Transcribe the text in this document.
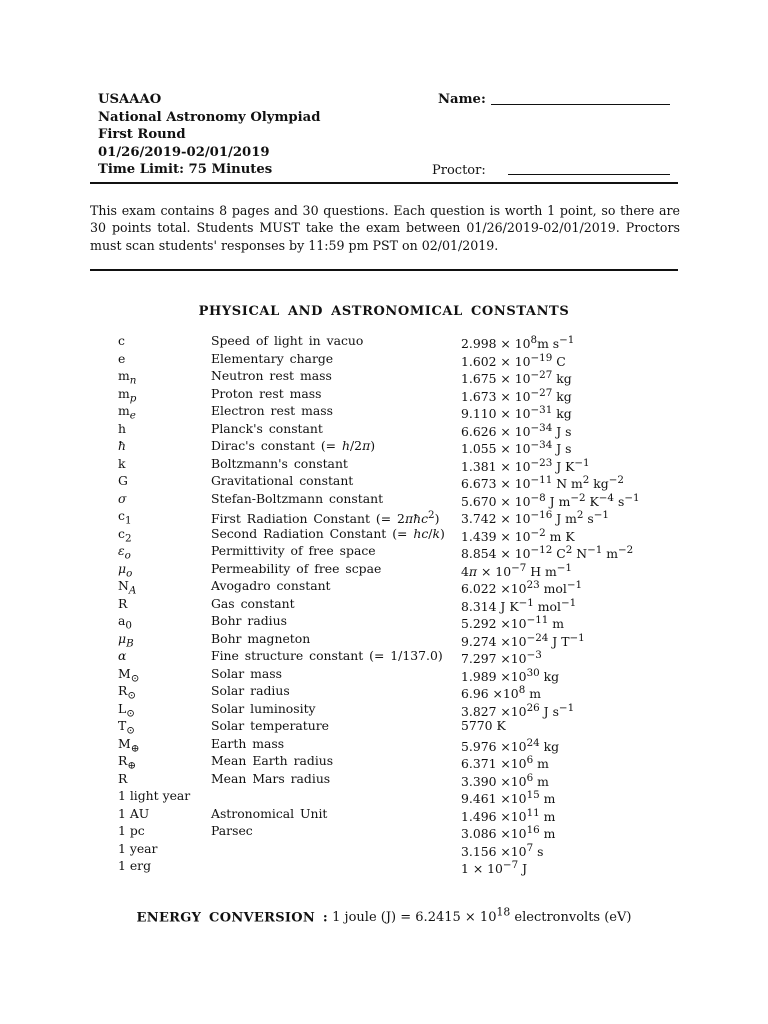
USAAAO
National Astronomy Olympiad
First Round
01/26/2019-02/01/2019
Time Limit: 75 Minutes
Name:
Proctor:
This exam contains 8 pages and 30 questions. Each question is worth 1 point, so there are 30 points total. Students MUST take the exam between 01/26/2019-02/01/2019. Proctors must scan students' responses by 11:59 pm PST on 02/01/2019.
PHYSICAL AND ASTRONOMICAL CONSTANTS
c	Speed of light in vacuo	$2.998 \times 10^8m$ $s^{-1}$
e	Elementary charge	$1.602 \times 10^{-19}$ C
$m_n$	Neutron rest mass	$1.675 \times 10^{-27}$ kg
$m_p$	Proton rest mass	$1.673 \times 10^{-27}$ kg
$m_e$	Electron rest mass	$9.110 \times 10^{-31}$ kg
h	Planck's constant	$6.626 \times 10^{-34}$ J s
ħ	Dirac's constant (= h/2π)	$1.055 \times 10^{-34}$ J s
k	Boltzmann's constant	$1.381 \times 10^{-23}$ J $K^{-1}$
G	Gravitational constant	$6.673 \times 10^{-11}$ N $m^2$ $kg^{-2}$
σ	Stefan-Boltzmann constant	$5.670 \times 10^{-8}$ J $m^{-2}$ $K^{-4}$ $s^{-1}$
$c_1$	First Radiation Constant (= 2πħc$^2$) $3.742 \times 10^{-16}$ J $m^2$ $s^{-1}$
$c_2$	Second Radiation Constant (= hc/k) $1.439 \times 10^{-2}$ m K
$\varepsilon_o$	Permittivity of free space	$8.854 \times 10^{-12}$ $C^2$ $N^{-1}$ $m^{-2}$
$\mu_o$	Permeability of free scpae	$4\pi \times 10^{-7}$ H $m^{-1}$
$N_A$	Avogadro constant	$6.022 \times 10^{23}$ mol$^{-1}$
R	Gas constant	8.314 J $K^{-1}$ mol$^{-1}$
$a_0$	Bohr radius	$5.292 \times 10^{-11}$ m
$\mu_B$	Bohr magneton	$9.274 \times 10^{-24}$ J $T^{-1}$
α	Fine structure constant (= 1/137.0) $7.297 \times 10^{-3}$
$M_⊙$	Solar mass	$1.989 \times 10^{30}$ kg
$R_⊙$	Solar radius	$6.96 \times 10^8$ m
$L_⊙$	Solar luminosity	$3.827 \times 10^{26}$ J $s^{-1}$
$T_⊙$	Solar temperature	5770 K
$M_\oplus$	Earth mass	$5.976 \times 10^{24}$ kg
$R_\oplus$	Mean Earth radius	$6.371 \times 10^6$ m
R	Mean Mars radius	$3.390 \times 10^6$ m
1 light year	$9.461 \times 10^{15}$ m
1 AU	Astronomical Unit	$1.496 \times 10^{11}$ m
1 pc	Parsec	$3.086 \times 10^{16}$ m
1 year	$3.156 \times 10^7$ s
1 erg	$1 \times 10^{-7}$ J
ENERGY CONVERSION : 1 joule $(J) = 6.2415 \times 10^{18}$ electronvolts (eV)
